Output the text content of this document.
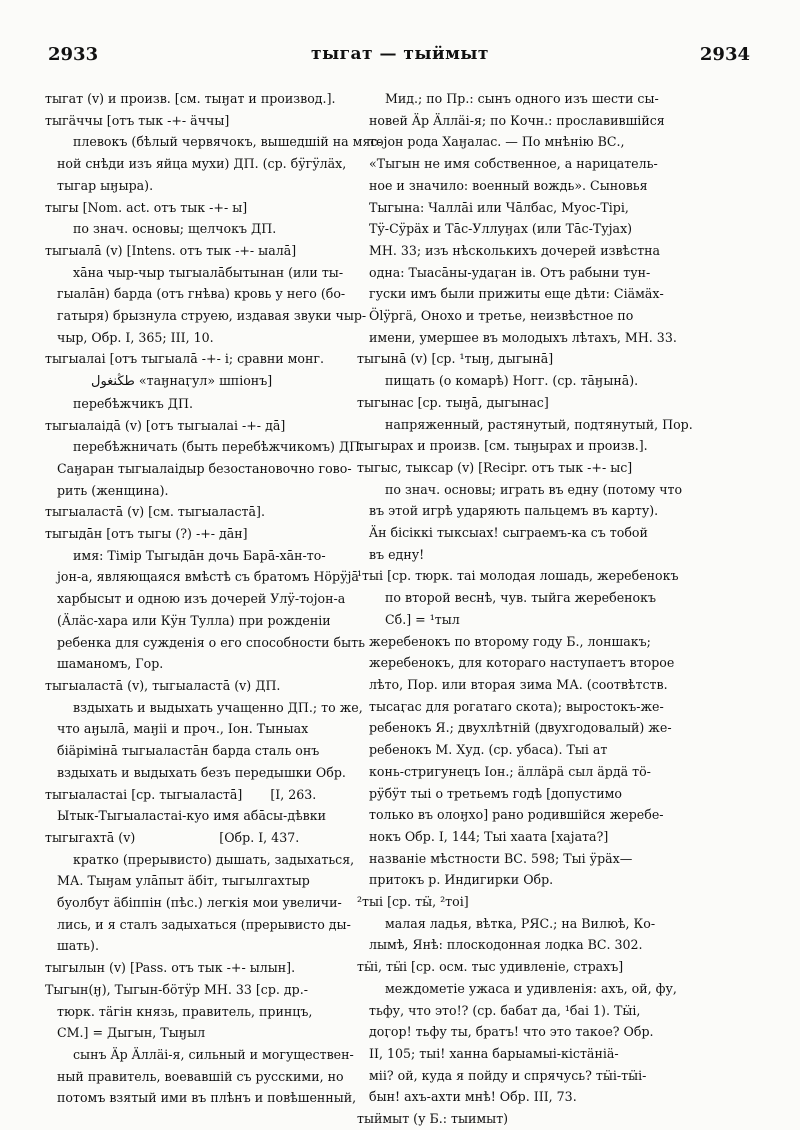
2933	тыгат — тыӥмыт	2934
тыгат (v) и произв. [см. тыӈат и производ.].
тыгäччы [отъ тык -+- äччы]
плевокъ (бѣлый червячокъ, вышедшiй на мяс-
ной снѣди изъ яйца мухи) ДП. (ср. бӱгӱлäх,
тыгар ыӈыра).
тыгы [Nom. act. отъ тык -+- ы]
по знач. основы; щелчокъ ДП.
тыгыалā (v) [Intens. отъ тык -+- ыалā]
хāна чыр-чыр тыгыалāбытынан (или ты-
гыалāн) барда (отъ гнѣва) кровь у него (бо-
гатыря) брызнула струею, издавая звуки чыр-
чыр, Обр. I, 365; III, 10.
тыгыалаi [отъ тыгыалā -+- i; сравни монг.
طڭنغول «таӈнаӷул» шпiонъ]
перебѣжчикъ ДП.
тыгыалаiдā (v) [отъ тыгыалаi -+- дā]
перебѣжничать (быть перебѣжчикомъ) ДП.
Саӈаран тыгыалаiдыр безостановочно гово-
рить (женщина).
тыгыаластā (v) [см. тыгыаластā].
тыгыдāн [отъ тыгы (?) -+- дāн]
имя: Тiмiр Тыгыдāн дочь Барā-хāн-то-
јон-а, являющаяся вмѣстѣ съ братомъ Нӧрӱjā
харбысыт и одною изъ дочерей Улӱ-тоjон-а
(Äлäс-хара или Кӱн Тулла) при рожденiи
ребенка для сужденiя о его способности быть
шаманомъ, Гор.
тыгыаластā (v), тыгыаластā (v) ДП.
вздыхать и выдыхать учащенно ДП.; то же,
что аӈылā, маӈiі и проч., Іон. Тыныах
бiäрiмiнā тыгыаластāн барда сталь онъ
вздыхать и выдыхать безъ передышки Обр.
тыгыаластаi [ср. тыгыаластā]       [I, 263.
Ытык-Тыгыаластаi-куо имя абāсы-дѣвки
тыгыгахтā (v)                     [Обр. I, 437.
кратко (прерывисто) дышать, задыхаться,
МА. Тыӈам улāпыт äбiт, тыгылгахтыр
буолбут äбiппiн (пѣс.) легкiя мои увеличи-
лись, и я сталъ задыхаться (прерывисто ды-
шать).
тыгылын (v) [Pass. отъ тык -+- ылын].
Тыгын(ӈ), Тыгын-бӧтӱр МН. 33 [ср. др.-
тюрк. тäгiн князь, правитель, принцъ,
СМ.] = Дыгын, Тыӈыл
сынъ Äр Äллäi-я, сильный и могуществен-
ный правитель, воевавшiй съ русскими, но
потомъ взятый ими въ плѣнъ и повѣшенный,
Мид.; по Пр.: сынъ одного изъ шести сы-
новей Äр Äллäi-я; по Кочн.: прославившiйся
тоjон рода Хаӈалас. — По мнѣнiю ВС.,
«Тыгын не имя собственное, а нарицатель-
ное и значило: военный вождь». Сыновья
Тыгына: Чаллāi или Чāлбас, Муос-Тiрi,
Тӱ-Сӱрäх и Тāс-Уллуӈах (или Тāс-Тујах)
МН. 33; изъ нѣсколькихъ дочерей извѣстна
одна: Тыасāны-удаӷан iв. Отъ рабыни тун-
гуски имъ были прижиты еще дѣти: Сiäмäх-
Ӧlӱргä, Онохо и третье, неизвѣстное по
имени, умершее въ молодыхъ лѣтахъ, МН. 33.
тыгынā (v) [ср. ¹тыӈ, дыгынā]
пищать (о комарѣ) Ногг. (ср. тāӈынā).
тыгынас [ср. тыӈā, дыгынас]
напряженный, растянутый, подтянутый, Пор.
тыгырах и произв. [см. тыӈырах и произв.].
тыгыс, тыксар (v) [Recipr. отъ тык -+- ыс]
по знач. основы; играть въ едну (потому что
въ этой игрѣ ударяють пальцемъ въ карту).
Äн бiсiккi тыксыах! сыграемъ-ка съ тобой
въ едну!
¹тыi [ср. тюрк. таi молодая лошадь, жеребенокъ
по второй веснѣ, чув. тыйга жеребенокъ
Сб.] = ¹тыл
жеребенокъ по второму году Б., лоншакъ;
жеребенокъ, для котораго наступаетъ второе
лѣто, Пор. или вторая зима МА. (соотвѣтств.
тысаӷас для рогатаго скота); выростокъ-же-
ребенокъ Я.; двухлѣтнiй (двухгодовалый) же-
ребенокъ М. Худ. (ср. убаса). Тыi ат
конь-стригунецъ Іон.; äллäрä сыл äрдä тӧ-
рӱбӱт тыi о третьемъ годѣ [допустимо
только въ олоӈхо] рано родившiйся жеребе-
нокъ Обр. I, 144; Тыi хаата [хајата?]
названiе мѣстности ВС. 598; Тыi ӱрäх—
притокъ р. Индигирки Обр.
²тыi [ср. тӹ, ²тоi]
малая ладья, вѣтка, РЯС.; на Вилюѣ, Ко-
лымѣ, Янѣ: плоскодонная лодка ВС. 302.
тӹi, тӹi [ср. осм. тыс удивленiе, страхъ]
междометiе ужаса и удивленiя: ахъ, ой, фу,
тьфу, что это!? (ср. бабат да, ¹баi 1). Тӹi,
доӷор! тьфу ты, братъ! что это такое? Обр.
II, 105; тыi! ханна барыамыi-кiстäнiä-
мiі? ой, куда я пойду и спрячусь? тӹi-тӹi-
бын! ахъ-ахти мнѣ! Обр. III, 73.
тыӥмыт (у Б.: тыимыт)
